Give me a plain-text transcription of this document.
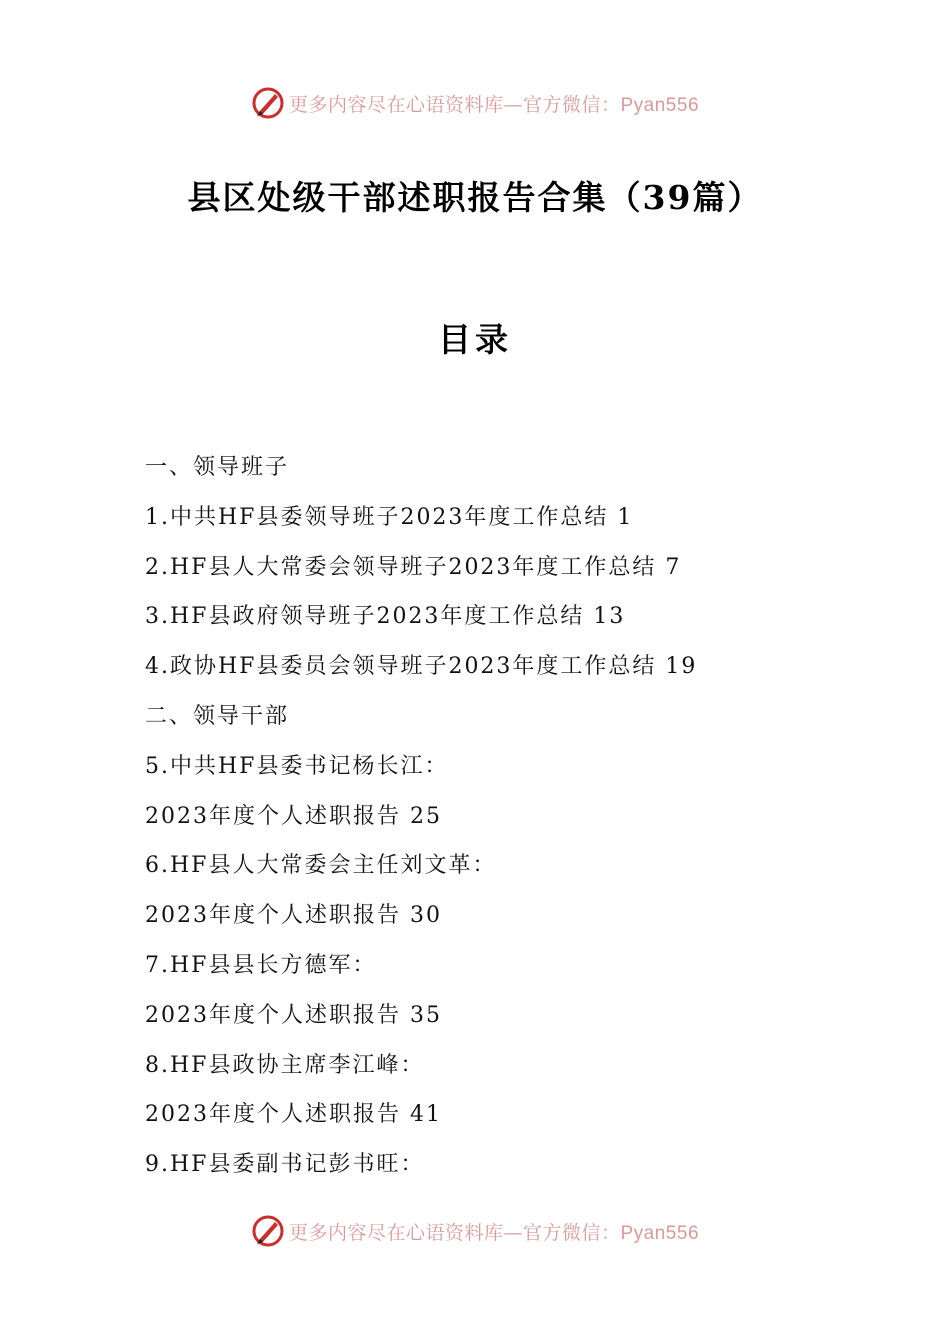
更多内容尽在心语资料库—官方微信：Pyan556
县区处级干部述职报告合集（39篇）
目录
一、领导班子
1.中共HF县委领导班子2023年度工作总结 1
2.HF县人大常委会领导班子2023年度工作总结 7
3.HF县政府领导班子2023年度工作总结 13
4.政协HF县委员会领导班子2023年度工作总结 19
二、领导干部
5.中共HF县委书记杨长江：
2023年度个人述职报告 25
6.HF县人大常委会主任刘文革：
2023年度个人述职报告 30
7.HF县县长方德军：
2023年度个人述职报告 35
8.HF县政协主席李江峰：
2023年度个人述职报告 41
9.HF县委副书记彭书旺：
更多内容尽在心语资料库—官方微信：Pyan556
